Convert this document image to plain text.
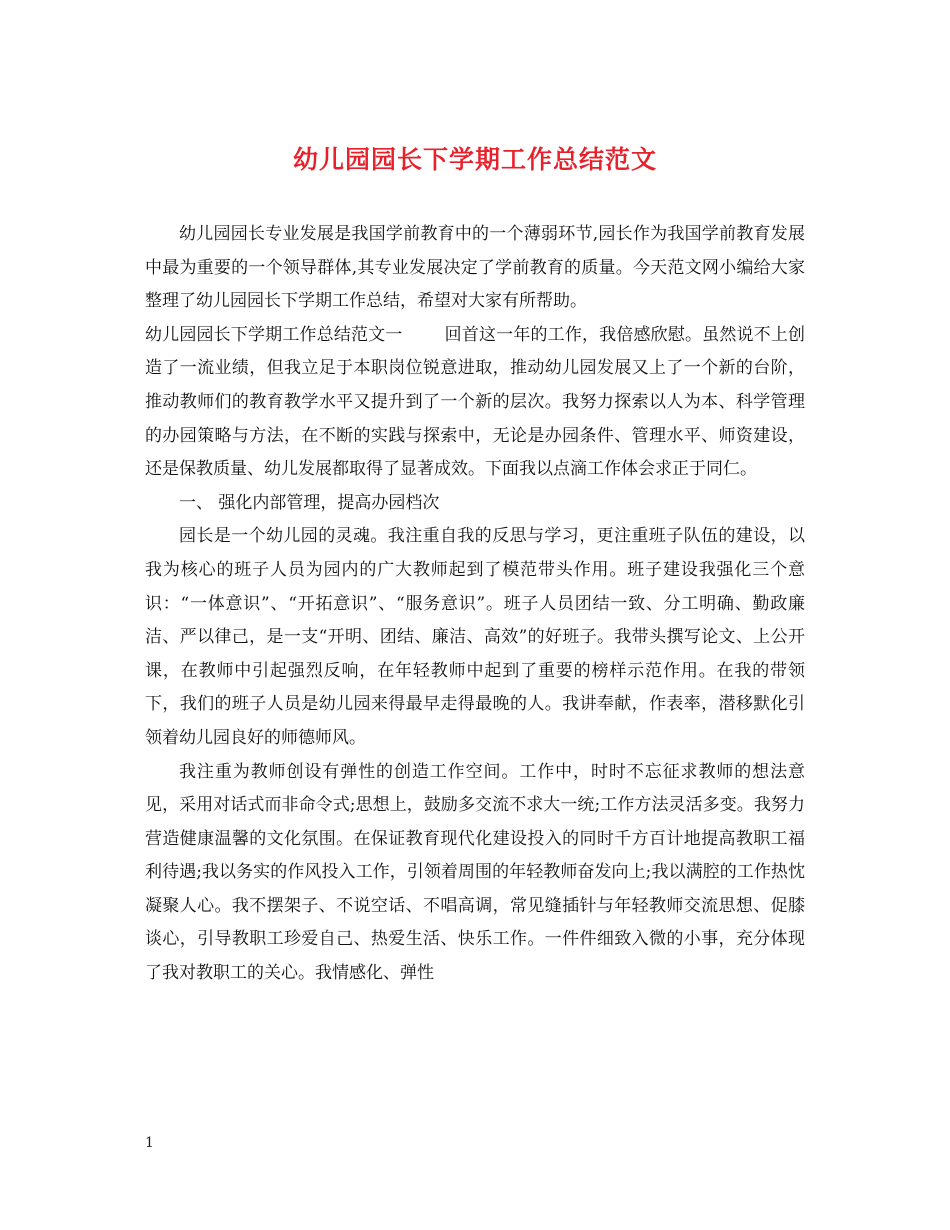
幼儿园园长下学期工作总结范文

幼儿园园长专业发展是我国学前教育中的一个薄弱环节,园长作为我国学前教育发展中最为重要的一个领导群体,其专业发展决定了学前教育的质量。今天范文网小编给大家整理了幼儿园园长下学期工作总结，希望对大家有所帮助。

幼儿园园长下学期工作总结范文一 回首这一年的工作，我倍感欣慰。虽然说不上创造了一流业绩，但我立足于本职岗位锐意进取，推动幼儿园发展又上了一个新的台阶，推动教师们的教育教学水平又提升到了一个新的层次。我努力探索以人为本、科学管理的办园策略与方法，在不断的实践与探索中，无论是办园条件、管理水平、师资建设，还是保教质量、幼儿发展都取得了显著成效。下面我以点滴工作体会求正于同仁。

一、 强化内部管理，提高办园档次

园长是一个幼儿园的灵魂。我注重自我的反思与学习，更注重班子队伍的建设，以我为核心的班子人员为园内的广大教师起到了模范带头作用。班子建设我强化三个意识：“一体意识”、“开拓意识”、“服务意识”。班子人员团结一致、分工明确、勤政廉洁、严以律己，是一支“开明、团结、廉洁、高效”的好班子。我带头撰写论文、上公开课，在教师中引起强烈反响，在年轻教师中起到了重要的榜样示范作用。在我的带领下，我们的班子人员是幼儿园来得最早走得最晚的人。我讲奉献，作表率，潜移默化引领着幼儿园良好的师德师风。

我注重为教师创设有弹性的创造工作空间。工作中，时时不忘征求教师的想法意见，采用对话式而非命令式;思想上，鼓励多交流不求大一统;工作方法灵活多变。我努力营造健康温馨的文化氛围。在保证教育现代化建设投入的同时千方百计地提高教职工福利待遇;我以务实的作风投入工作，引领着周围的年轻教师奋发向上;我以满腔的工作热忱凝聚人心。我不摆架子、不说空话、不唱高调，常见缝插针与年轻教师交流思想、促膝谈心，引导教职工珍爱自己、热爱生活、快乐工作。一件件细致入微的小事，充分体现了我对教职工的关心。我情感化、弹性

1
